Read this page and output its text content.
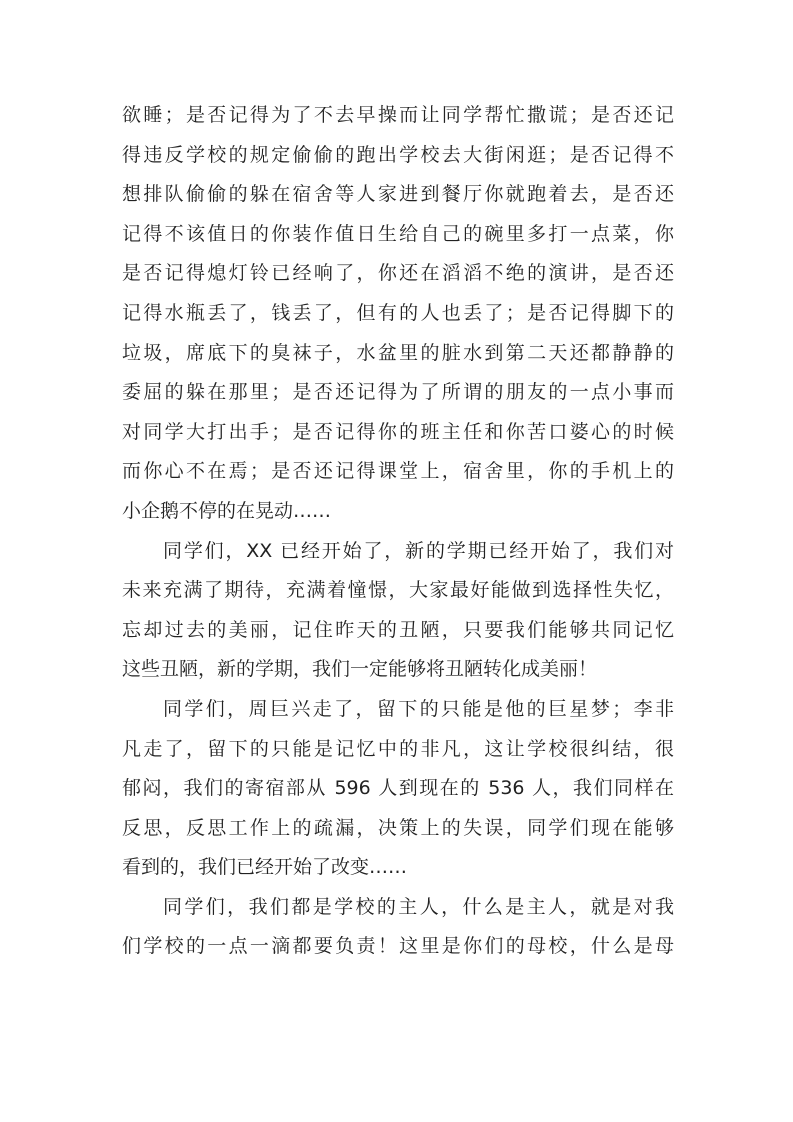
欲睡；是否记得为了不去早操而让同学帮忙撒谎；是否还记
得违反学校的规定偷偷的跑出学校去大街闲逛；是否记得不
想排队偷偷的躲在宿舍等人家进到餐厅你就跑着去，是否还
记得不该值日的你装作值日生给自己的碗里多打一点菜，你
是否记得熄灯铃已经响了，你还在滔滔不绝的演讲，是否还
记得水瓶丢了，钱丢了，但有的人也丢了；是否记得脚下的
垃圾，席底下的臭袜子，水盆里的脏水到第二天还都静静的
委屈的躲在那里；是否还记得为了所谓的朋友的一点小事而
对同学大打出手；是否记得你的班主任和你苦口婆心的时候
而你心不在焉；是否还记得课堂上，宿舍里，你的手机上的
小企鹅不停的在晃动……
同学们，XX 已经开始了，新的学期已经开始了，我们对
未来充满了期待，充满着憧憬，大家最好能做到选择性失忆，
忘却过去的美丽，记住昨天的丑陋，只要我们能够共同记忆
这些丑陋，新的学期，我们一定能够将丑陋转化成美丽！
同学们，周巨兴走了，留下的只能是他的巨星梦；李非
凡走了，留下的只能是记忆中的非凡，这让学校很纠结，很
郁闷，我们的寄宿部从 596 人到现在的 536 人，我们同样在
反思，反思工作上的疏漏，决策上的失误，同学们现在能够
看到的，我们已经开始了改变……
同学们，我们都是学校的主人，什么是主人，就是对我
们学校的一点一滴都要负责！这里是你们的母校，什么是母
